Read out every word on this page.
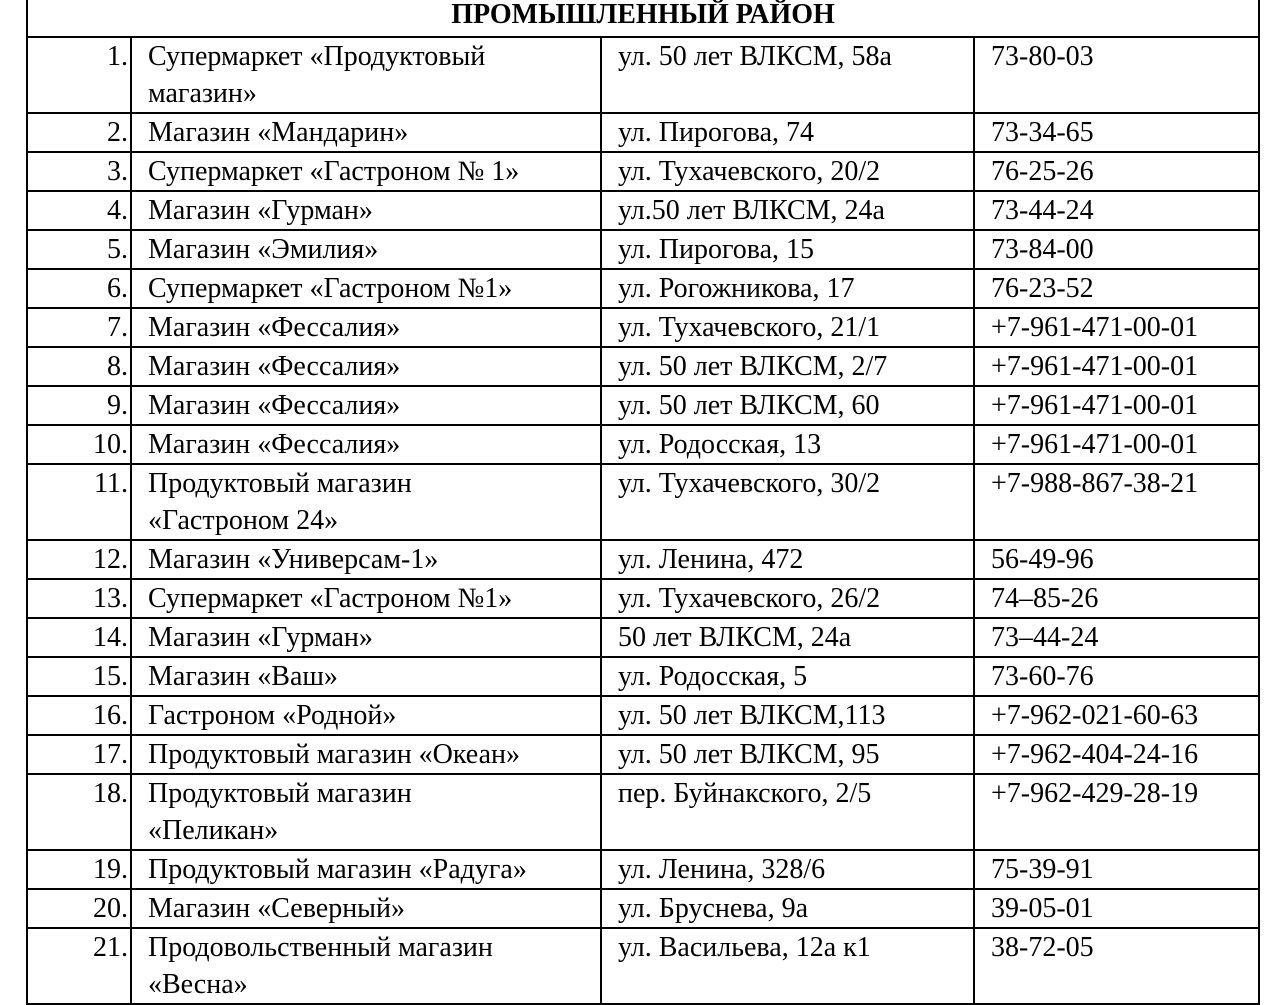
ПРОМЫШЛЕННЫЙ РАЙОН			
1.	Супермаркет «Продуктовый
магазин»	ул. 50 лет ВЛКСМ, 58а	73-80-03
2.	Магазин «Мандарин»	ул. Пирогова, 74	73-34-65
3.	Супермаркет «Гастроном № 1»	ул. Тухачевского, 20/2	76-25-26
4.	Магазин «Гурман»	ул.50 лет ВЛКСМ, 24а	73-44-24
5.	Магазин «Эмилия»	ул. Пирогова, 15	73-84-00
6.	Супермаркет «Гастроном №1»	ул. Рогожникова, 17	76-23-52
7.	Магазин «Фессалия»	ул. Тухачевского, 21/1	+7-961-471-00-01
8.	Магазин «Фессалия»	ул. 50 лет ВЛКСМ, 2/7	+7-961-471-00-01
9.	Магазин «Фессалия»	ул. 50 лет ВЛКСМ, 60	+7-961-471-00-01
10.	Магазин «Фессалия»	ул. Родосская, 13	+7-961-471-00-01
11.	Продуктовый магазин
«Гастроном 24»	ул. Тухачевского, 30/2	+7-988-867-38-21
12.	Магазин «Универсам-1»	ул. Ленина, 472	56-49-96
13.	Супермаркет «Гастроном №1»	ул. Тухачевского, 26/2	74–85-26
14.	Магазин «Гурман»	50 лет ВЛКСМ, 24а	73–44-24
15.	Магазин «Ваш»	ул. Родосская, 5	73-60-76
16.	Гастроном «Родной»	ул. 50 лет ВЛКСМ,113	+7-962-021-60-63
17.	Продуктовый магазин «Океан»	ул. 50 лет ВЛКСМ, 95	+7-962-404-24-16
18.	Продуктовый магазин
«Пеликан»	пер. Буйнакского, 2/5	+7-962-429-28-19
19.	Продуктовый магазин «Радуга»	ул. Ленина, 328/6	75-39-91
20.	Магазин «Северный»	ул. Бруснева, 9а	39-05-01
21.	Продовольственный магазин
«Весна»	ул. Васильева, 12а к1	38-72-05
